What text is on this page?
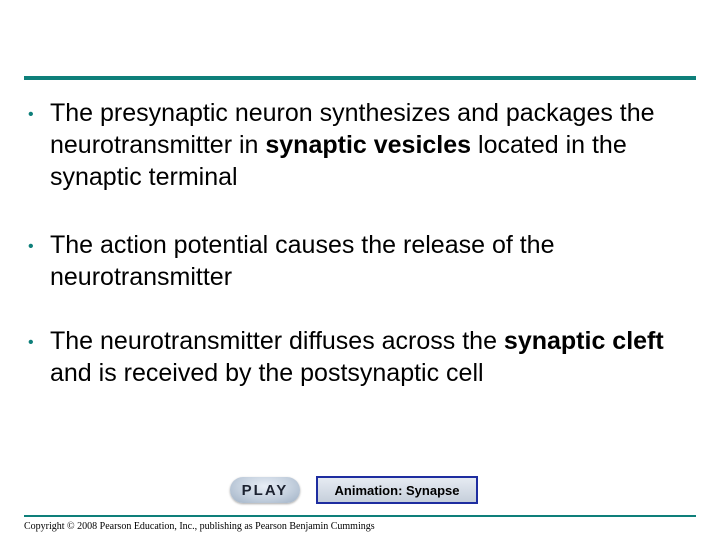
• The presynaptic neuron synthesizes and packages the neurotransmitter in synaptic vesicles located in the synaptic terminal
• The action potential causes the release of the neurotransmitter
• The neurotransmitter diffuses across the synaptic cleft and is received by the postsynaptic cell
PLAY	Animation: Synapse
Copyright © 2008 Pearson Education, Inc., publishing as Pearson Benjamin Cummings
